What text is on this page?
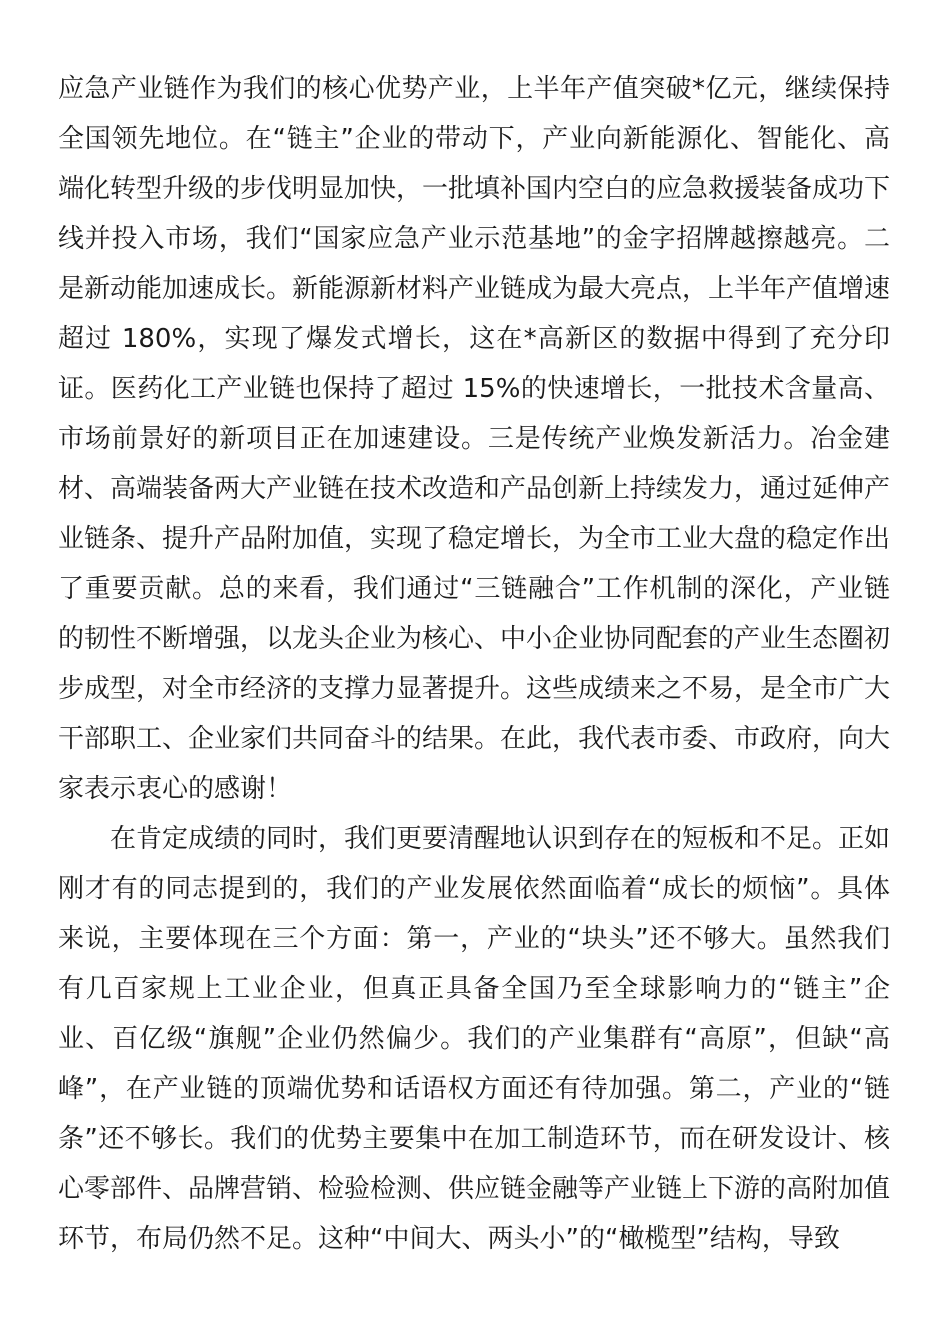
应急产业链作为我们的核心优势产业，上半年产值突破*亿元，继续保持全国领先地位。在“链主”企业的带动下，产业向新能源化、智能化、高端化转型升级的步伐明显加快，一批填补国内空白的应急救援装备成功下线并投入市场，我们“国家应急产业示范基地”的金字招牌越擦越亮。二是新动能加速成长。新能源新材料产业链成为最大亮点，上半年产值增速超过 180%，实现了爆发式增长，这在*高新区的数据中得到了充分印证。医药化工产业链也保持了超过 15%的快速增长，一批技术含量高、市场前景好的新项目正在加速建设。三是传统产业焕发新活力。冶金建材、高端装备两大产业链在技术改造和产品创新上持续发力，通过延伸产业链条、提升产品附加值，实现了稳定增长，为全市工业大盘的稳定作出了重要贡献。总的来看，我们通过“三链融合”工作机制的深化，产业链的韧性不断增强，以龙头企业为核心、中小企业协同配套的产业生态圈初步成型，对全市经济的支撑力显著提升。这些成绩来之不易，是全市广大干部职工、企业家们共同奋斗的结果。在此，我代表市委、市政府，向大家表示衷心的感谢！

在肯定成绩的同时，我们更要清醒地认识到存在的短板和不足。正如刚才有的同志提到的，我们的产业发展依然面临着“成长的烦恼”。具体来说，主要体现在三个方面：第一，产业的“块头”还不够大。虽然我们有几百家规上工业企业，但真正具备全国乃至全球影响力的“链主”企业、百亿级“旗舰”企业仍然偏少。我们的产业集群有“高原”，但缺“高峰”，在产业链的顶端优势和话语权方面还有待加强。第二，产业的“链条”还不够长。我们的优势主要集中在加工制造环节，而在研发设计、核心零部件、品牌营销、检验检测、供应链金融等产业链上下游的高附加值环节，布局仍然不足。这种“中间大、两头小”的“橄榄型”结构，导致
